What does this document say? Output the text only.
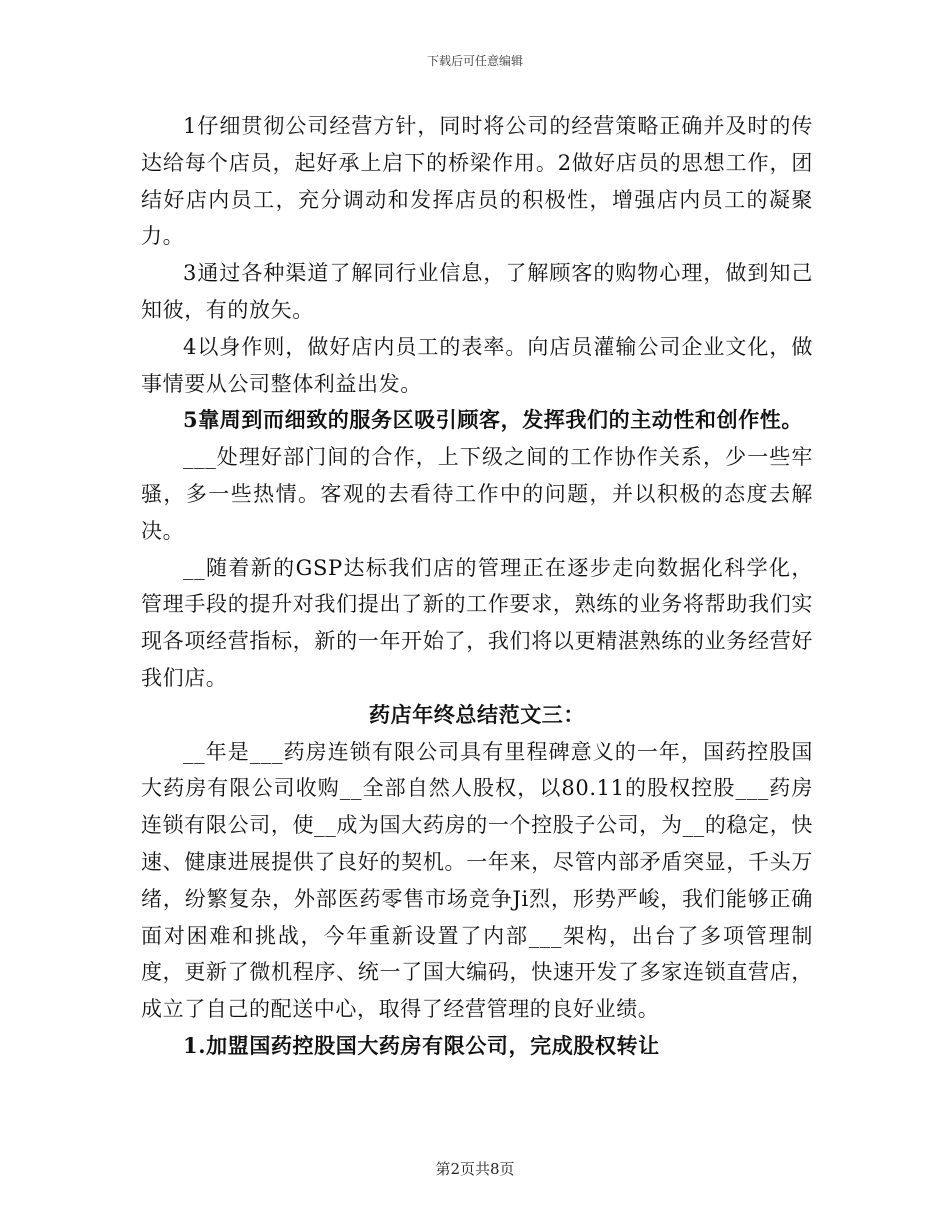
下载后可任意编辑

1仔细贯彻公司经营方针，同时将公司的经营策略正确并及时的传达给每个店员，起好承上启下的桥梁作用。2做好店员的思想工作，团结好店内员工，充分调动和发挥店员的积极性，增强店内员工的凝聚力。

3通过各种渠道了解同行业信息，了解顾客的购物心理，做到知己知彼，有的放矢。

4以身作则，做好店内员工的表率。向店员灌输公司企业文化，做事情要从公司整体利益出发。

5靠周到而细致的服务区吸引顾客，发挥我们的主动性和创作性。

___处理好部门间的合作，上下级之间的工作协作关系，少一些牢骚，多一些热情。客观的去看待工作中的问题，并以积极的态度去解决。

__随着新的GSP达标我们店的管理正在逐步走向数据化科学化，管理手段的提升对我们提出了新的工作要求，熟练的业务将帮助我们实现各项经营指标，新的一年开始了，我们将以更精湛熟练的业务经营好我们店。

药店年终总结范文三：

__年是___药房连锁有限公司具有里程碑意义的一年，国药控股国大药房有限公司收购__全部自然人股权，以80.11的股权控股___药房连锁有限公司，使__成为国大药房的一个控股子公司，为__的稳定，快速、健康进展提供了良好的契机。一年来，尽管内部矛盾突显，千头万绪，纷繁复杂，外部医药零售市场竞争Ji烈，形势严峻，我们能够正确面对困难和挑战，今年重新设置了内部___架构，出台了多项管理制度，更新了微机程序、统一了国大编码，快速开发了多家连锁直营店，成立了自己的配送中心，取得了经营管理的良好业绩。

1.加盟国药控股国大药房有限公司，完成股权转让

第2页共8页
